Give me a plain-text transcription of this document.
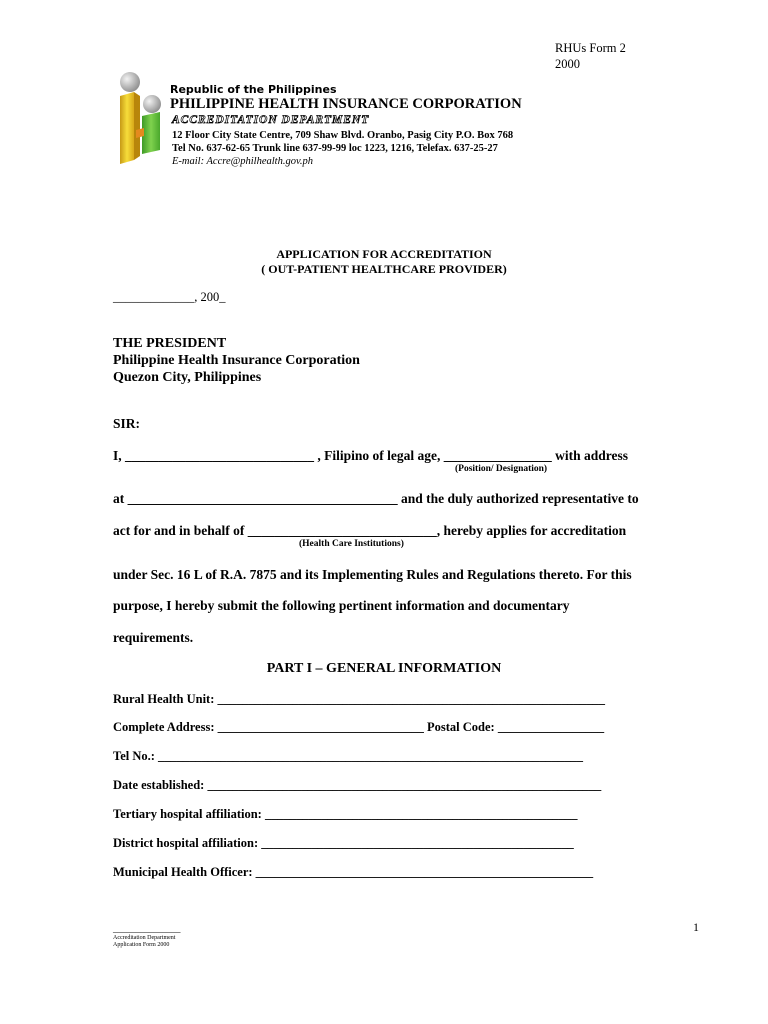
RHUs Form 2
2000
Republic of the Philippines
PHILIPPINE HEALTH INSURANCE CORPORATION
ACCREDITATION DEPARTMENT
12 Floor City State Centre, 709 Shaw Blvd. Oranbo, Pasig City P.O. Box 768
Tel No. 637-62-65 Trunk line 637-99-99 loc 1223, 1216, Telefax. 637-25-27
E-mail: Accre@philhealth.gov.ph
APPLICATION FOR ACCREDITATION
( OUT-PATIENT HEALTHCARE PROVIDER)
_____________, 200_
THE PRESIDENT
Philippine Health Insurance Corporation
Quezon City, Philippines
SIR:
I, ____________________________ , Filipino of legal age, ________________ with address
(Position/ Designation)
at ________________________________________ and the duly authorized representative to
act for and in behalf of ____________________________, hereby applies for accreditation
(Health Care Institutions)
under Sec. 16 L of R.A. 7875 and its Implementing Rules and Regulations thereto. For this
purpose, I hereby submit the following pertinent information and documentary
requirements.
PART I – GENERAL INFORMATION
Rural Health Unit: ______________________________________________________________
Complete Address: _________________________________ Postal Code: _________________
Tel No.: ____________________________________________________________________
Date established: _______________________________________________________________
Tertiary hospital affiliation: __________________________________________________
District hospital affiliation: __________________________________________________
Municipal Health Officer: ______________________________________________________
1
_______________
Accreditation Department
Application Form 2000
